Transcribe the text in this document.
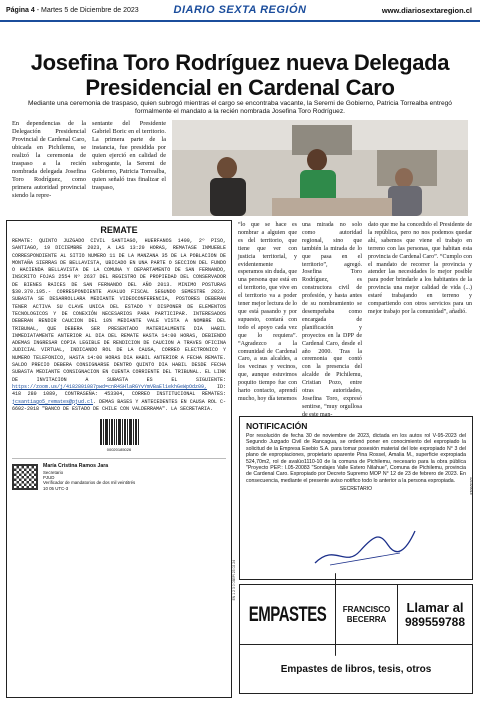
Página 4 - Martes 5 de Diciembre de 2023	DIARIO SEXTA REGIÓN	www.diariosextaregion.cl
Josefina Toro Rodríguez nueva Delegada Presidencial en Cardenal Caro

Mediante una ceremonia de traspaso, quien subrogó mientras el cargo se encontraba vacante, la Seremi de Gobierno, Patricia Torrealba entregó formalmente el mandato a la recién nombrada Josefina Toro Rodríguez.

En dependencias de la Delegación Presidencial Provincial de Cardenal Caro, ubicada en Pichilemu, se realizó la ceremonia de traspaso a la recién nombrada delegada Josefina Toro Rodríguez, como primera autoridad provincial siendo la repre-

sentante del Presidente Gabriel Boric en el territorio. La primera parte de la instancia, fue presidida por quien ejerció en calidad de subrogante, la Seremi de Gobierno, Patricia Torrealba, quien señaló tras finalizar el traspaso,

REMATE
REMATE: QUINTO JUZGADO CIVIL SANTIAGO, HUERFANOS 1409, 2º PISO, SANTIAGO, 19 DICIEMBRE 2023, A LAS 13:20 HORAS, REMATASE INMUEBLE CORRESPONDIENTE AL SITIO NUMERO 11 DE LA MANZANA 35 DE LA POBLACION DE MONTAÑA SIERRAS DE BELLAVISTA, UBICADO EN UNA PARTE O SECCION DEL FUNDO O HACIENDA BELLAVISTA DE LA COMUNA Y DEPARTAMENTO DE SAN FERNANDO, INSCRITO FOJAS 2554 Nº 2637 DEL REGISTRO DE PROPIEDAD DEL CONSERVADOR DE BIENES RAICES DE SAN FERNANDO DEL AÑO 2013. MINIMO POSTURAS $30.370.195.- CORRESPONDIENTE AVALUO FISCAL SEGUNDO SEMESTRE 2023. SUBASTA SE DESARROLLARA MEDIANTE VIDEOCONFERENCIA, POSTORES DEBERAN TENER ACTIVA SU CLAVE UNICA DEL ESTADO Y DISPONER DE ELEMENTOS TECNOLOGICOS Y DE CONEXIÓN NECESARIOS PARA PARTICIPAR. INTERESADOS DEBERAN RENDIR CAUCION DEL 10% MEDIANTE VALE VISTA A NOMBRE DEL TRIBUNAL, QUE DEBERA SER PRESENTADO MATERIALMENTE DIA HABIL INMEDIATAMENTE ANTERIOR AL DIA DEL REMATE HASTA 14:00 HORAS, DEBIENDO ADEMAS INGRESAR COPIA LEGIBLE DE RENDICION DE CAUCION A TRAVES OFICINA JUDICIAL VIRTUAL, INDICANDO ROL DE LA CAUSA, CORREO ELECTRONICO Y NUMERO TELEFONICO, HASTA 14:00 HORAS DIA HABIL ANTERIOR A FECHA REMATE. SALDO PRECIO DEBERA CONSIGNARSE DENTRO QUINTO DIA HABIL DESDE FECHA SUBASTA MEDIANTE CONSIGNACION EN CUENTA CORRIENTE DEL TRIBUNAL. EL LINK DE INVITACION A SUBASTA ES EL SIGUIENTE: https://zoom.us/j/4182801087pwd=cnR4SHlaRGYvYmVBaEl1ekhGeWpOdz09, ID: 418 280 1089, CONTRASEÑA: 453304, CORREO INSTITUCIONAL REMATES: jcsantiago5_remates@pjud.cl. DEMAS BASES Y ANTECEDENTES EN CAUSA ROL C-6602-2018 "BANCO DE ESTADO DE CHILE CON VALDERRAMA". LA SECRETARIA.
00020185026
María Cristina Ramos Jara
Secretario
PJUD
Verificador de mandatorios de dos mil veintitrés
10 05 UTC-3

“lo que se hace es nombrar a alguien que es del territorio, que tiene que ver con justicia territorial, y evidentemente esperamos sin duda, que una persona que está en el territorio, que vive en el territorio va a poder tener mejor lectura de lo que está pasando y por supuesto, contará con todo el apoyo cada vez que lo requiera”. “Agradezco a la comunidad de Cardenal Caro, a sus alcaldes, a los vecinas y vecinos, que, aunque estuvimos poquito tiempo fue con harto contacto, aprendí mucho, hoy día tenemos

una mirada no solo como autoridad regional, sino que también la mirada de lo que pasa en el territorio”, agregó. Josefina Toro Rodríguez, es constructora civil de profesión, y hasta antes de su nombramiento se desempeñaba como encargada de planificación y proyectos en la DPP de Cardenal Caro, desde el año 2000. Tras la ceremonia que contó con la presencia del alcalde de Pichilemu, Cristian Pozo, entre otras autoridades, Josefina Toro, expresó sentirse, “muy orgullosa de este man-

dato que me ha concedido el Presidente de la república, pero no nos podemos quedar ahí, sabemos que viene el trabajo en terreno con las personas, que habitan esta provincia de Cardenal Caro”. “Cumplo con el mandato de recorrer la provincia y atender las necesidades lo mejor posible para poder brindarle a los habitantes de la provincia una mejor calidad de vida (...) estaré trabajando en terreno y compartiendo con otros servicios para un mejor trabajo por la comunidad”, añadió.

NOTIFICACIÓN
Por resolución de fecha 30 de noviembre de 2023, dictada en los autos rol V-95-2023 del Segundo Juzgado Civil de Rancagua, se ordenó poner en conocimiento del expropiado la solicitud de la Empresa Esebio S.A. para tomar posesión material del lote expropiado N° 3 del plano de expropiaciones, propietario aparente Pina Rossel, Amalia M., superficie expropiada 524,70m2, rol de avalúo1110-10 de la comuna de Pichilemu, necesario para la obra pública "Proyecto PEP.: I.05-20083 "Sondajes Valle Estero Nilahue", Comuna de Pichilemu, provincia de Cardenal Caro. Expropiado por Decreto Supremo MOP N° 12 de 23 de febrero de 2023. En consecuencia, mediante el presente aviso notifico todo lo anterior a la persona expropiada.
SECRETARIO	121320018
EN 1 2 3 0 03EPI 23 02 24
EMPASTES	FRANCISCO
BECERRA
Llamar al
989559788
Empastes de libros, tesis, otros
